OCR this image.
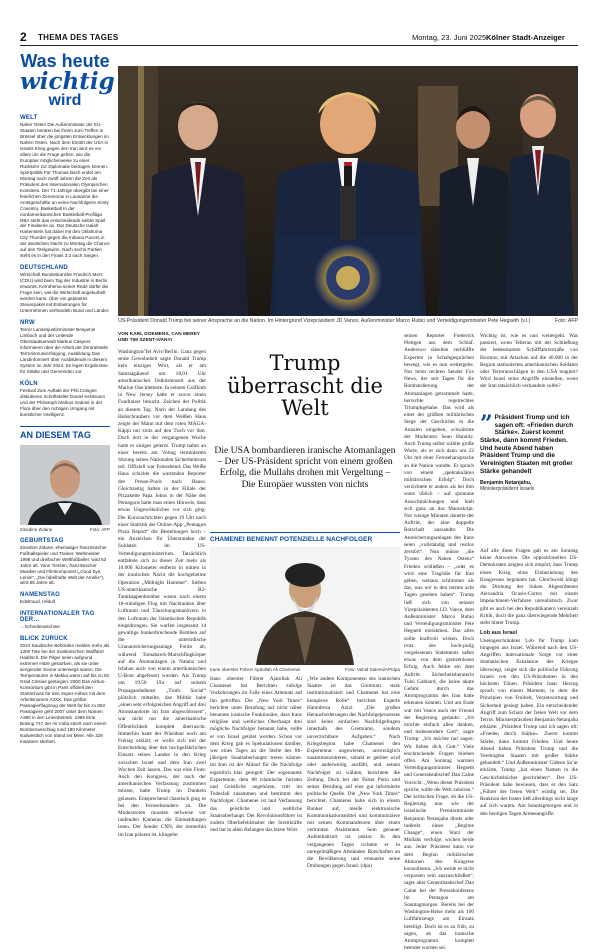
2 THEMA DES TAGES	Montag, 23. Juni 2025 Kölner Stadt-Anzeiger
Was heute
wichtig
wird
WELT
Naher Osten Die Außenminister der EU-Staaten beraten bei ihrem Juni-Treffen in Brüssel über die jüngsten Entwicklungen im Nahen Osten. Nach dem Eintritt der USA in Israels Krieg gegen den Iran wird es vor allem um die Frage gehen, wie die Europäer möglicherweise zu einer Rückkehr zur Diplomatie beitragen können. Sportpolitik Für Thomas Bach endet am Montag nach zwölf Jahren die Zeit als Präsident des Internationalen Olympischen Komitees. Der 71-Jährige übergibt bei einer feierlichen Zeremonie in Lausanne die Amtsgeschäfte an seine Nachfolgerin Kirsty Coventry. Basketball In der nordamerikanischen Basketball-Profiliga NBA steht das entscheidende siebte Spiel der Finalserie an. Der Deutsche Isaiah Hartenstein hat dabei mit den Oklahoma City Thunder gegen die Indiana Pacers in der deutschen Nacht zu Montag die Chance auf den Titelgewinn. Nach sechs Partien steht es in den Finals 3:3 nach Siegen.
DEUTSCHLAND
Wirtschaft Bundeskanzler Friedrich Merz (CDU) wird beim Tag der Industrie in Berlin erwartet. Kernthema seiner Rede dürfte die Frage sein, wie die Wirtschaft angekurbelt werden kann. Über ein geplantes Steuerpaket mit Entlastungen für Unternehmen verhandeln Bund und Länder.
NRW
Terror Landesjustizminister Benjamin Limbach und der Leitende Oberstaatsanwalt Markus Caspers informieren über die Arbeit der Zentralstelle Terrorismusverfolgung. Ausbildung Das Landinformiert über Ausbildende in diesem System im Jahr 2024. Es legen Ergebnisse für Städte und Gemeinden vor.
KÖLN
Festival Zum Auftakt der Phil.Cologne diskutieren Schriftsteller Daniel Kehlmann und der Philosoph Markus Gabriel in der Flora über den richtigen Umgang mit künstlicher Intelligenz.
AN DIESEM TAG
Zinedine Zidane	Foto: AFP
GEBURTSTAG
Zinedine Zidane, ehemaliger französischer Fußballspieler und Trainer, Weltmeister 1998 und dreifacher Weltfußballer, wird 53 Jahre alt. Yann Tiersen, französischer Musiker und Filmkomponist („Good bye, Lenin!“, „Die fabelhafte Welt der Amélie“), wird 55 Jahre alt.
NAMENSTAG
Edeltraud, Hildulf
INTERNATIONALER TAG DER…
…Schreibmaschine
BLICK ZURÜCK
2024 Saudische Behörden melden mehr als 1300 Tote bei der muslimischen Wallfahrt Haddsch. Die Pilger seien aufgrund extremer Hitze gestorben, als sie unter sengender Sonne unterwegs waren. Die Temperaturen in Mekka waren auf bis zu 50 Grad Celsius gestiegen. 2000 Das Airbus-Konsortium gibt in Paris offiziell den Startschuss für den Super-Airbus mit dem Arbeitsnamen A3XX. Das größte Passagierflugzeug der Welt für bis zu 853 Passagiere geht 2007 unter dem Namen A380 in den Linienbetrieb. 1985 Eine Boeing 747 der Air India stürzt nach einem Bombenanschlag rund 180 Kilometer südwestlich von Irland ins Meer. Alle 329 Insassen sterben.
US-Präsident Donald Trump bei seiner Ansprache an die Nation. Im Hintergrund Vizepräsident JD Vance, Außenminister Marco Rubio und Verteidigungsminister Pete Hegseth (v.l.)	Foto: AFP
VON KARL DOEMENS, CAN MEREY
UND TIM SZENT-IVANYI

Washington/Tel Aviv/Berlin. Ganz gegen seine Gewohnheit sagte Donald Trump kein einziges Wort, als er am Samstagabend um 18.01 Uhr amerikanischer Ostküstenzeit aus der Marine One kletterte. In seinem Golfklub in New Jersey hatte er zuvor einen Fundraiser besucht. Zeichen der Politik an diesem Tag. Nach der Landung des Hubschraubers vor dem Weißen Haus zeigte der Mann mit dem roten MAGA-Käppi nur stolz auf den Tisch vor ihm. Doch dort in der vergangenen Woche hatte er einiges gelernt. Trump nahm an einer bereits am Vortag terminierten Sitzung seines Nationalen Sicherheitsrats teil. Offiziell war Feierabend: Das Weiße Haus schickte die wartenden Reporter des Presse-Pools nach Hause. Gleichzeitig hatten in der Filiale der Pizzakette Papa Johns in der Nähe des Pentagons hatte man einen Hinweis, dass etwas Ungewöhnliches vor sich ging: Die Kurznachrichten gegen 19 Uhr nach einer Statistik der Online-App „Pentagon Pizza Report“ die Bestellungen hoch – ein Anzeichen für Überstunden der Soldaten im US-Verteidigungsministerium. Tatsächlich entfaltete sich zu dieser Zeit mehr als 10.000 Kilometer entfernt in mitten in der iranischen Nacht die hochgeheime Operation „Midnight Hammer“. Sieben US-amerikanische B2-Tankkappenbomber waren nach einem 18-stündigen Flug mit Nachtanken über Luftraum und Täuschungsmanövern in den Luftraum der Islamischen Republik eingedrungen. Sie warfen insgesamt 14 gewaltige bunkerbrechende Bomben auf die unterirdische Urananreicherungsanlage Fordo ab, während Tomahawk-Marschflugkörper auf die Atomanlagen in Natanz und Isfahan auch von einem amerikanischen U-Boot abgefeuert wurden. Als Trump um 19.50 Uhr auf seinem Propagandadienst „Truth Social“ plötzlich mitteilte, das Militär habe „einen sehr erfolgreichen Angriff auf drei Atomstandorte im Iran abgeschlossen“, war nicht nur die amerikanische Öffentlichkeit komplett überrascht. Immerhin hatte der Präsident noch am Freitag erklärt, er wolle sich mit der Entscheidung über den hochgefährlichen Einsatz seines Landes in den Krieg zwischen Israel und dem Iran zwei Wochen Zeit lassen. Das war eine Finte. Auch den Kongress, der nach der amerikanischen Verfassung zustimmen müsste, hatte Trump im Dunkeln gelassen. Entsprechend chaotisch ging es bei den Fernsehsendern zu. Die Moderatoren mussten teilweise vor laufenden Kameras die Einmeldungen lesen. Der Sender CNN, der immerhin im Iran präsent ist, klingelte

Trump überrascht die Welt
Die USA bombardieren iranische Atomanlagen – Der US-Präsident spricht von einem großen Erfolg, die Mullahs drohen mit Vergeltung – Die Europäer wussten von nichts
CHAMENEI BENENNT POTENZIELLE NACHFOLGER
Irans oberster Führer Ajatollah Ali Chamenei	Foto: Vahid Salemi/AP/dpa

Irans oberster Führer Ajatollah Ali Chamenei hat Berichten zufolge Vorkehrungen im Falle eines Attentats auf ihn getroffen. Die „New York Times“ berichtet unter Berufung auf nicht näher benannte iranische Funktionäre, dass Irans religiöse und weltliches Oberhaupt drei mögliche Nachfolger benannt habe, sollte er von Israel getötet werden. Schon vor dem Krieg gab es Spekulationen darüber, wer eines Tages an die Stelle des 86-jährigen Staatsoberhaupts treten könnte. Im Iran ist der Ablauf für die Nachfolge eigentlich klar geregelt: Der sogenannte Expertenrat, dem 88 islamische Juristen und Geistliche angehören, tritt im Todesfall zusammen und bestimmt den Nachfolger. Chamenei ist laut Verfassung das geistliche und weltliche Staatsoberhaupt. Der Revolutionsführer ist zudem Oberbefehlshaber der Streitkräfte und hat in allen Belangen das letzte Wort.

„Wie andere Komponenten des iranischen Staates ist das Gremium stark institutionalisiert und Chamenei hat eine komplexe Rolle“ berichtet Experte Hamidreza Azizi. „Die großen Herausforderungen des Nachfolgeprozesses sind keine einfachen Nachfolgefragen innerhalb des Gremiums, sondern unverzichtbare Aufgaben.“ Nach Kriegsbeginn habe Chamenei den Expertenrat angewiesen, unverzüglich zusammenzutreten, sobald er getötet wird oder anderweitig ausfällt, und seinen Nachfolger zu wählen, berichtete die Zeitung. Doch bei der Partei Putin und seiner Berufung auf eine gut informierte politische Quelle. Die „New York Times“ berichtet, Chamenei halte sich in einem Bunker auf, meide elektronische Kommunikationsmittel und kommuniziere mit seinen Kommandeuren über einen vertrauten Assistenten. Sein genauer Aufenthaltsort ist unklar. In den vergangenen Tagen richtete er in unregelmäßigen Abständen Botschaften an die Bevölkerung und erneuerte seine Drohungen gegen Israel. (dpa)

seinen Reporter Frederick Pleitgen aus dem Schlaf. Anderswo rätselten verblüffte Experten in Schaltgesprächen bewegt, wie es nun weitergehe. Nur beim rechten Sender Fox News, der seit Tagen für die Bombardierung der Atomanlagen getrommelt hatte, herrschte regelrechtes Triumphgehabe. Das wird als einer der größten militärischen Siege der Geschichte in die Annalen eingehen, schwärmte der Moderator Sean Hannity. Auch Trump selbst wählte große Worte, als er sich dann um 22 Uhr mit einer Fernsehansprache an die Nation wandte. Er sprach von einem „spektakulären militärischen Erfolg“. Doch verzichtete er anders als bei ihm sonst üblich – auf spontane Ausschmückungen und hielt sich ganz an das Manuskript. Nur wenige Minuten dauerte der Auftritt, der eine doppelte Botschaft aussandte: Die Anreicherungsanlagen des Irans seien „vollständig und restlos zerstört“. Nun müsse „die Tyrann des Nahen Ostens“ Frieden schließen – „oder es wird eine Tragödie für Iran geben, weitaus schlimmer als das, was wir in den letzten acht Tagen gesehen haben“. Trump ließ sich von seinem Vizepräsidenten J.D. Vance, dem Außenminister Marco Rubio und Verteidigungsminister Pete Hegseth einrahmen. Das alles sollte kraftvoll wirken. Doch trotz des hoch-polig vorgelesenen Statements saßen etwas von dem grenzenlosen Erfolg. Auch fehlte ein dem Auftritt Sicherheitsberaterin Tulsi Gabbard, die keine akute Gefahr durch das Atomprogramm des Iran hatte erkennen können. Und am Ende war mit Vance auch der Freund der Regierung gedankt: „Ich möchte einfach allen danken, und insbesondere Gott“, sagte Trump: „Ich möchte nur sagen: Wir lieben dich, Gott.“ Viele erschreckende Fragen blieben offen. Am Sonntag warnten Verteidigungsminister Hegseth und Generalstabschef Dan Caine Vorsicht: „Wenn dieser Präsident spricht, sollte die Welt zuhören.“ Der kritischen Frage, ob die US-Regierung nun wie der israelische Premierminister Benjamin Netanjahu direkt oder indirekt einen „Regime Change“, einen Sturz der Mullahs verfolge, wichen beide aus. Jeder Präsident kann vor dem Beginn militärischer Aktionen den Kongress konsultieren. „Ich werde es nicht verpassen sein auszuschließen“, sagte aber Generalstabschef Dan Caine bei der Pressekonferenz im Pentagon am Sonntagmorgen. Bereits bei der Washington-Reise mehr als 100 Luftfahrzeuge am Einsatz beteiligt. Doch ist es zu früh, zu sagen, ob das iranische Atomprogramm komplett beendet worden sei.

Wichtig ist, wie es nun weitergeht. Was passiert, wenn Teheran mit der Schließung der bedeutsamen Schifffahrtsstraße von Hormus, mit Attacken auf die 40.000 in der Region stationierten amerikanischen Soldaten oder Terroranschlägen in den USA reagiert? Wird Israel seine Angriffe einstellen, wenn der Iran tatsächlich verhandeln sollte?

” Präsident Trump und ich sagen oft: «Frieden durch Stärke». Zuerst kommt Stärke, dann kommt Frieden. Und heute Abend haben Präsident Trump und die Vereinigten Staaten mit großer Stärke gehandelt
Benjamin Netanjahu,
Ministerpräsident Israels

Auf alle diese Fragen gab es am Sonntag keine Antworten. Die oppositionellen US-Demokraten zeigten sich empört, dass Trump einen Krieg ohne Einbeziehung des Kongresses begonnen hat. Gleichwohl klingt die Drohung der linken Abgeordneten Alexandria Ocasio-Cortez mit einem Impeachment-Verfahren unrealistisch. Zwar gibt es auch bei den Republikanern vereinzelt Kritik, doch die ganz überwiegende Mehrheit steht hinter Trump.

Lob aus Israel

Uneingeschränktes Lob für Trump kam hingegen aus Israel. Während nach den US-Angriffen internationale Sorge vor einer dramatischen Eskalation des Krieges überwiegt, zeigte sich die politische Führung Israels von den US-Präsidenten in den höchsten Tönen. Präsident Isaac Herzog sprach von einem Moment, in dem die Prinzipien von Freiheit, Verantwortung und Sicherheit gesiegt haben. Ein entscheidender Angriff zum Schutz der freien Welt vor dem Terror. Ministerpräsident Benjamin Netanjahu erklärte: „Präsident Trump und ich sagen oft: «Frieden durch Stärke». Zuerst kommt Stärke, dann kommt Frieden. Und heute Abend haben Präsident Trump und die Vereinigten Staaten mit großer Stärke gehandelt.“ Und Außenminister Gideon Sa’ar erklärte, Trump „hat einen Namen in die Geschichtsbücher geschrieben“. Der US-Präsident habe bewiesen, dass er den Satz „Führer der freien Welt“ würdig sei. Die Reaktion der Iraner ließ allerdings nicht lange auf sich warten. Am Sonntagmorgen und in den heutigen Tagen Armeeangriffe.
